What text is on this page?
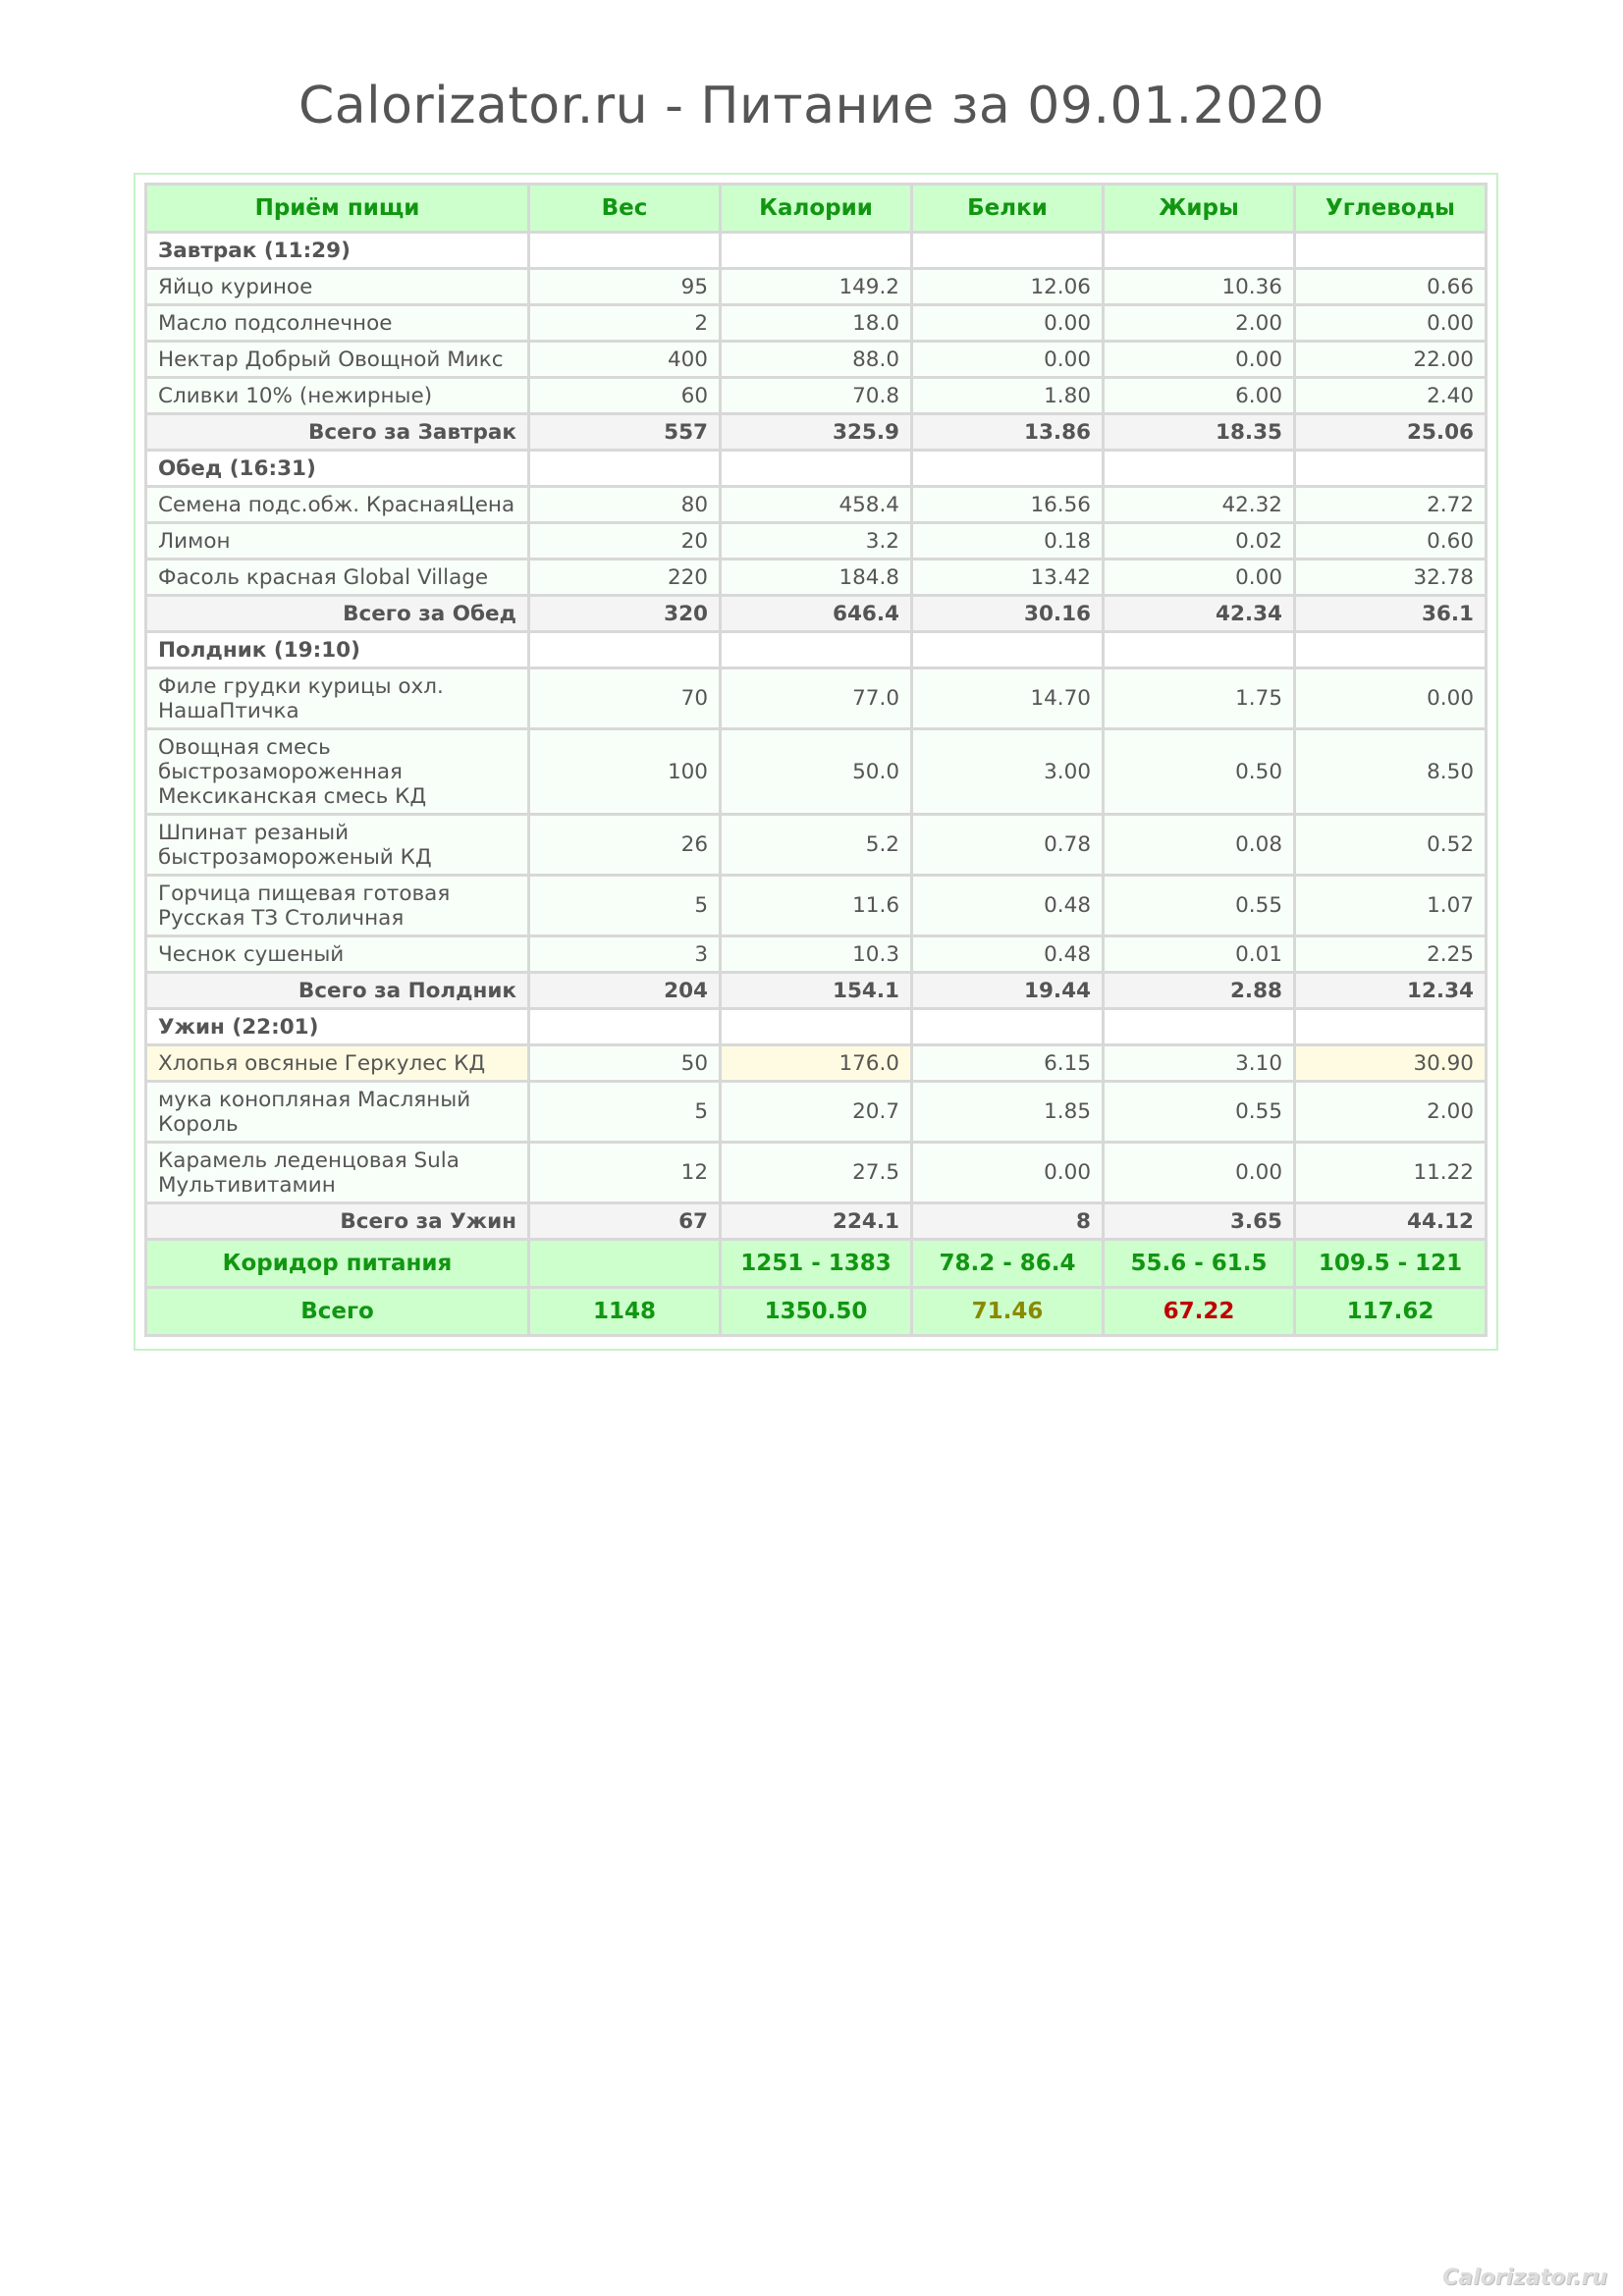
Calorizator.ru - Питание за 09.01.2020
Приём пищи	Вес	Калории	Белки	Жиры	Углеводы
Завтрак (11:29)					
Яйцо куриное	95	149.2	12.06	10.36	0.66
Масло подсолнечное	2	18.0	0.00	2.00	0.00
Нектар Добрый Овощной Микс	400	88.0	0.00	0.00	22.00
Сливки 10% (нежирные)	60	70.8	1.80	6.00	2.40
Всего за Завтрак	557	325.9	13.86	18.35	25.06
Обед (16:31)					
Семена подс.обж. КраснаяЦена	80	458.4	16.56	42.32	2.72
Лимон	20	3.2	0.18	0.02	0.60
Фасоль красная Global Village	220	184.8	13.42	0.00	32.78
Всего за Обед	320	646.4	30.16	42.34	36.1
Полдник (19:10)					
Филе грудки курицы охл. НашаПтичка	70	77.0	14.70	1.75	0.00
Овощная смесь быстрозамороженная Мексиканская смесь КД	100	50.0	3.00	0.50	8.50
Шпинат резаный быстрозамороженый КД	26	5.2	0.78	0.08	0.52
Горчица пищевая готовая Русская ТЗ Столичная	5	11.6	0.48	0.55	1.07
Чеснок сушеный	3	10.3	0.48	0.01	2.25
Всего за Полдник	204	154.1	19.44	2.88	12.34
Ужин (22:01)					
Хлопья овсяные Геркулес КД	50	176.0	6.15	3.10	30.90
мука конопляная Масляный Король	5	20.7	1.85	0.55	2.00
Карамель леденцовая Sula Мультивитамин	12	27.5	0.00	0.00	11.22
Всего за Ужин	67	224.1	8	3.65	44.12
Коридор питания		1251 - 1383	78.2 - 86.4	55.6 - 61.5	109.5 - 121
Всего	1148	1350.50	71.46	67.22	117.62
Calorizator.ru
